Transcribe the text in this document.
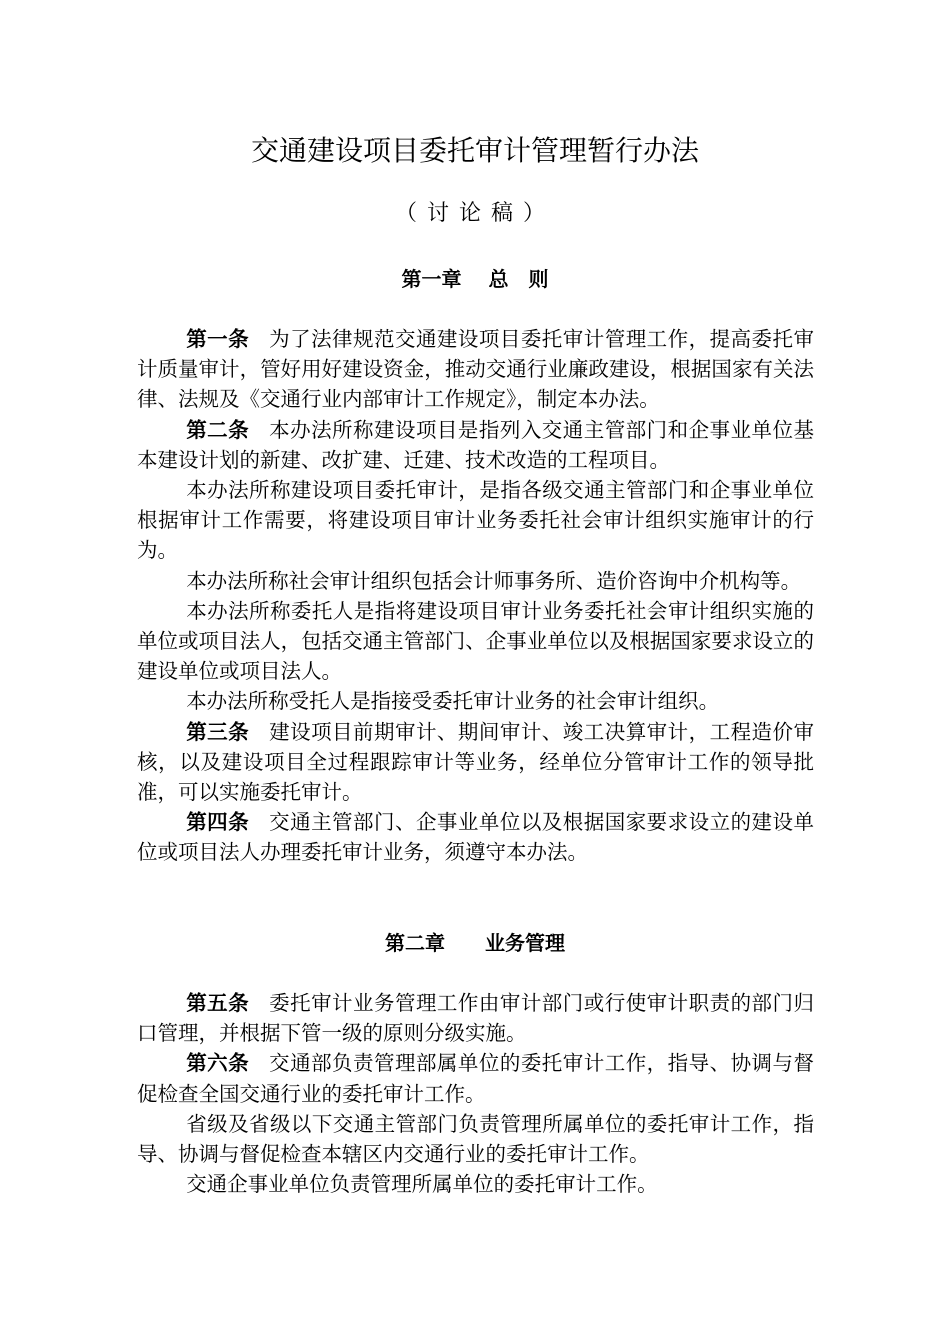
交通建设项目委托审计管理暂行办法
（讨论稿）
第一章　 总　则

第一条 为了法律规范交通建设项目委托审计管理工作，提高委托审计质量审计，管好用好建设资金，推动交通行业廉政建设，根据国家有关法律、法规及《交通行业内部审计工作规定》，制定本办法。

第二条 本办法所称建设项目是指列入交通主管部门和企事业单位基本建设计划的新建、改扩建、迁建、技术改造的工程项目。

本办法所称建设项目委托审计，是指各级交通主管部门和企事业单位根据审计工作需要，将建设项目审计业务委托社会审计组织实施审计的行为。

本办法所称社会审计组织包括会计师事务所、造价咨询中介机构等。

本办法所称委托人是指将建设项目审计业务委托社会审计组织实施的单位或项目法人，包括交通主管部门、企事业单位以及根据国家要求设立的建设单位或项目法人。

本办法所称受托人是指接受委托审计业务的社会审计组织。

第三条 建设项目前期审计、期间审计、竣工决算审计，工程造价审核，以及建设项目全过程跟踪审计等业务，经单位分管审计工作的领导批准，可以实施委托审计。

第四条 交通主管部门、企事业单位以及根据国家要求设立的建设单位或项目法人办理委托审计业务，须遵守本办法。

第二章　　业务管理

第五条 委托审计业务管理工作由审计部门或行使审计职责的部门归口管理，并根据下管一级的原则分级实施。

第六条 交通部负责管理部属单位的委托审计工作，指导、协调与督促检查全国交通行业的委托审计工作。

省级及省级以下交通主管部门负责管理所属单位的委托审计工作，指导、协调与督促检查本辖区内交通行业的委托审计工作。

交通企事业单位负责管理所属单位的委托审计工作。
